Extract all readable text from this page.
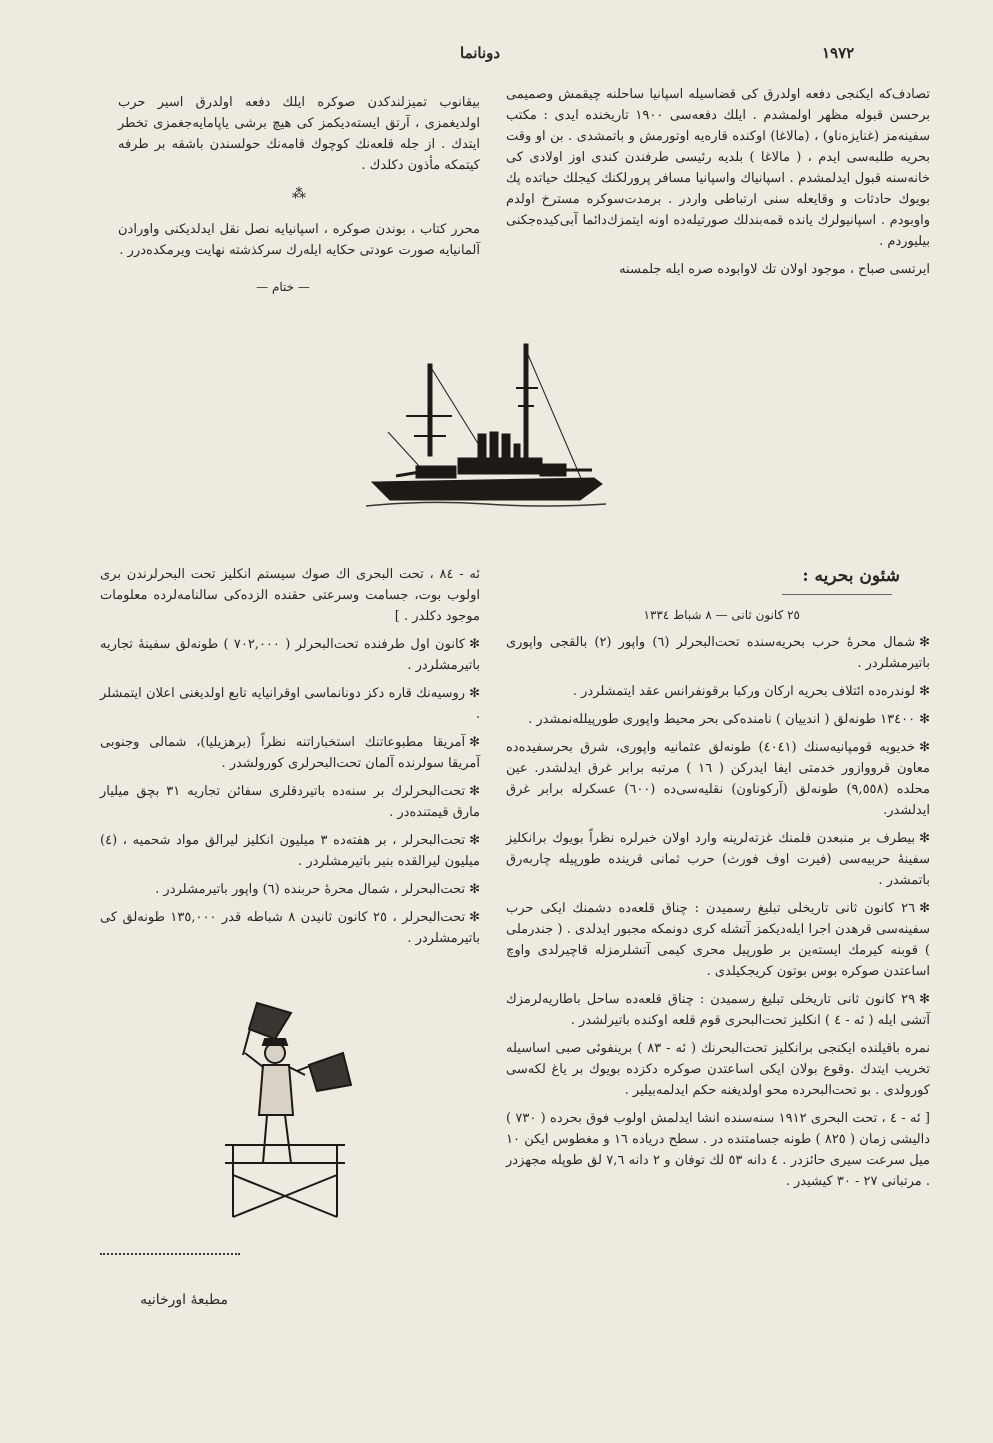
دونانما	١٩٧٢

تصادف‌كه ايكنجى دفعه اولدرق كى قضاسيله اسپانيا ساحلنه چيقمش وصميمى برحسن قبوله مظهر اولمشدم . ايلك دفعه‌سى ١٩٠٠ تاريخنده ايدى : مكتب سفينه‌مز (غنايزه‌ناو) ، (مالاغا) اوكنده قاره‌يه اوتورمش و باتمشدى . بن او وقت بحريه طلبه‌سى ايدم ، ( مالاغا ) بلديه رئيسى طرفندن كندى اوز اولادى كى خانه‌سنه قبول ايدلمشدم . اسپانياك واسپانيا مسافر پرورلكنك كيجلك حياتده پك بويوك حادثات و وقايعله سنى ارتباطى واردر . برمدت‌سوكره مسترخ اولدم واوبودم . اسپانيولرك يانده قمه‌بندلك صورتيله‌ده اونه ايتمزك‌دائما آبى‌كيده‌جكنى بيليوردم .

ايرتسى صباح ، موجود اولان تك لاوابوده صره ايله جلمسنه

بيقانوب تميزلندكدن صوكره ايلك دفعه اولدرق اسير حرب اولديغمزى ، آرتق ايسته‌ديكمز كى هيچ برشى ياپامايه‌جغمزى تخطر ايتدك . از جله قلعه‌نك كوچوك قامه‌نك حولسندن باشقه بر طرفه كيتمكه مأذون دكلدك .

⁂

محرر كتاب ، بوندن صوكره ، اسپانيايه نصل نقل ايدلديكنى واورادن آلمانيايه صورت عودتى حكايه ايله‌رك سركذشته نهايت ويرمكده‌درر .

— ختام —
شئون بحريه :
٢٥ كانون ثانى — ٨ شباط ١٣٣٤

✻شمال محرهٔ حرب بحريه‌سنده تحت‌البحرلر (٦) واپور (٢) بالقجى واپورى باتيرمشلردر .

✻لوندره‌ده ائتلاف بحريه اركان وركبا برقونفرانس عقد ايتمشلردر .

✻١٣٤٠٠ طونه‌لق ( اندييان ) نامنده‌كى بحر محيط واپورى طورپيلله‌نمشدر .

✻خديويه قومپانيه‌سنك (٤٠٤١) طونه‌لق عثمانيه واپورى، شرق بحرسفيده‌ده معاون قرووازور خدمتى ايفا ايدركن ( ١٦ ) مرتبه برابر غرق ايدلشدر. عين محلده (٩,٥٥٨) طونه‌لق (آركوناون) نقليه‌سى‌ده (٦٠٠) عسكرله برابر غرق ايدلشدر.

✻بيطرف بر منبعدن فلمنك غزته‌لرينه وارد اولان خبرلره نظراً بويوك برانكليز سفينهٔ حربيه‌سى (فيرت اوف فورث) حرب ثمانى قرينده طورپيله چاربه‌رق باتمشدر .

✻٢٦ كانون ثانى تاريخلى تبليغ رسميدن : چناق قلعه‌ده دشمنك ايكى حرب سفينه‌سى قرهدن اجرا ايله‌ديكمز آتشله كرى دونمكه مجبور ايدلدى . ( جندرملى ) قوبنه كيرمك ايسته‌ين بر طورپيل محرى كيمى آتشلرمزله قاچيرلدى واوچ اساعتدن صوكره بوس بوتون كريجكيلدى .

✻٢٩ كانون ثانى تاريخلى تبليغ رسميدن : چناق قلعه‌ده ساحل باطاريه‌لرمزك آتشى ايله ( ئە - ٤ ) انكليز تحت‌البحرى قوم قلعه اوكنده باتيرلشدر .

نمره باقيلنده ايكنجى برانكليز تحت‌البحرنك ( ئە - ٨٣ ) برينفوئى صبى اساسيله تخريب ايتدك .وقوع بولان ايكى اساعتدن صوكره دكزده بويوك بر ياغ لكه‌سى كورولدى . بو تحت‌البحرده محو اولديغنه حكم ايدلمه‌بيلير .

[ ئە - ٤ ، تحت البحرى ١٩١٢ سنه‌سنده انشا ايدلمش اولوب فوق بحرده ( ٧٣٠ ) داليشى زمان ( ٨٢٥ ) طونه جسامتنده در . سطح درياده ١٦ و مغطوس ايكن ١٠ ميل سرعت سيرى حائزدر . ٤ دانه ٥٣ لك توفان و ٢ دانه ٧,٦ لق طوپله مجهزدر . مرتبانى ٢٧ - ٣٠ كيشيدر .

ئە - ٨٤ ، تحت البحرى اك صوك سيستم انكليز تحت البحرلرندن برى اولوب بوت، جسامت وسرعتى حقنده الزده‌كى سالنامه‌لرده معلومات موجود دكلدر . ]

✻كانون اول طرفنده تحت‌البحرلر ( ٧٠٢,٠٠٠ ) طونه‌لق سفينهٔ تجاريه باتيرمشلردر .

✻روسيه‌نك قاره دكز دونانماسى اوقرانيايه تابع اولديغنى اعلان ايتمشلر .

✻آمريقا مطبوعاتنك استخباراتنه نظراً (برهزيليا)، شمالى وجنوبى آمريقا سولرنده آلمان تحت‌البحرلرى كورولشدر .

✻تحت‌البحرلرك بر سنه‌ده باتيردقلرى سفائن تجاريه ٣١ بچق ميليار مارق قيمتنده‌در .

✻تحت‌البحرلر ، بر هفته‌ده ٣ ميليون انكليز ليرالق مواد شحميه ، (٤) ميليون ليرالقده بنير باتيرمشلردر .

✻تحت‌البحرلر ، شمال محرهٔ حربنده (٦) واپور باتيرمشلردر .

✻تحت‌البحرلر ، ٢٥ كانون ثانيدن ٨ شباطه قدر ١٣٥,٠٠٠ طونه‌لق كى باتيرمشلردر .

مطبعهٔ اورخانيه
